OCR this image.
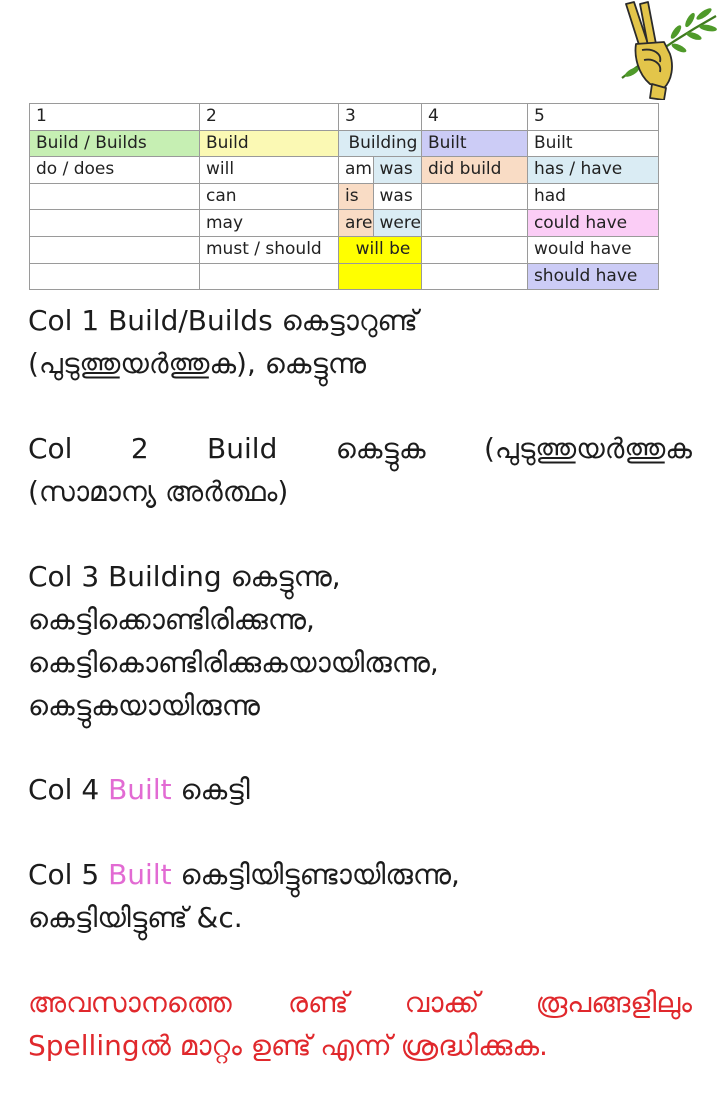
1	2	3		4	5
Build / Builds	Build	Building		Built	Built
do / does	will	am	was	did build	has / have
	can	is	was		had
	may	are	were		could have
	must / should	will be			would have
					should have
Col 1 Build/Builds കെട്ടാറുണ്ട്
(പുടുത്തുയർത്തുക), കെട്ടുന്നു
Col 2 Build കെട്ടുക (പുടുത്തുയർത്തുക
(സാമാന്യ അർത്ഥം)
Col 3 Building കെട്ടുന്നു,
കെട്ടിക്കൊണ്ടിരിക്കുന്നു,
കെട്ടികൊണ്ടിരിക്കുകയായിരുന്നു,
കെട്ടുകയായിരുന്നു
Col 4 Built കെട്ടി
Col 5 Built കെട്ടിയിട്ടുണ്ടായിരുന്നു,
കെട്ടിയിട്ടുണ്ട് &c.
അവസാനത്തെ രണ്ട് വാക്ക് രൂപങ്ങളിലും
Spellingൽ മാറ്റം ഉണ്ട് എന്ന് ശ്രദ്ധിക്കുക.
